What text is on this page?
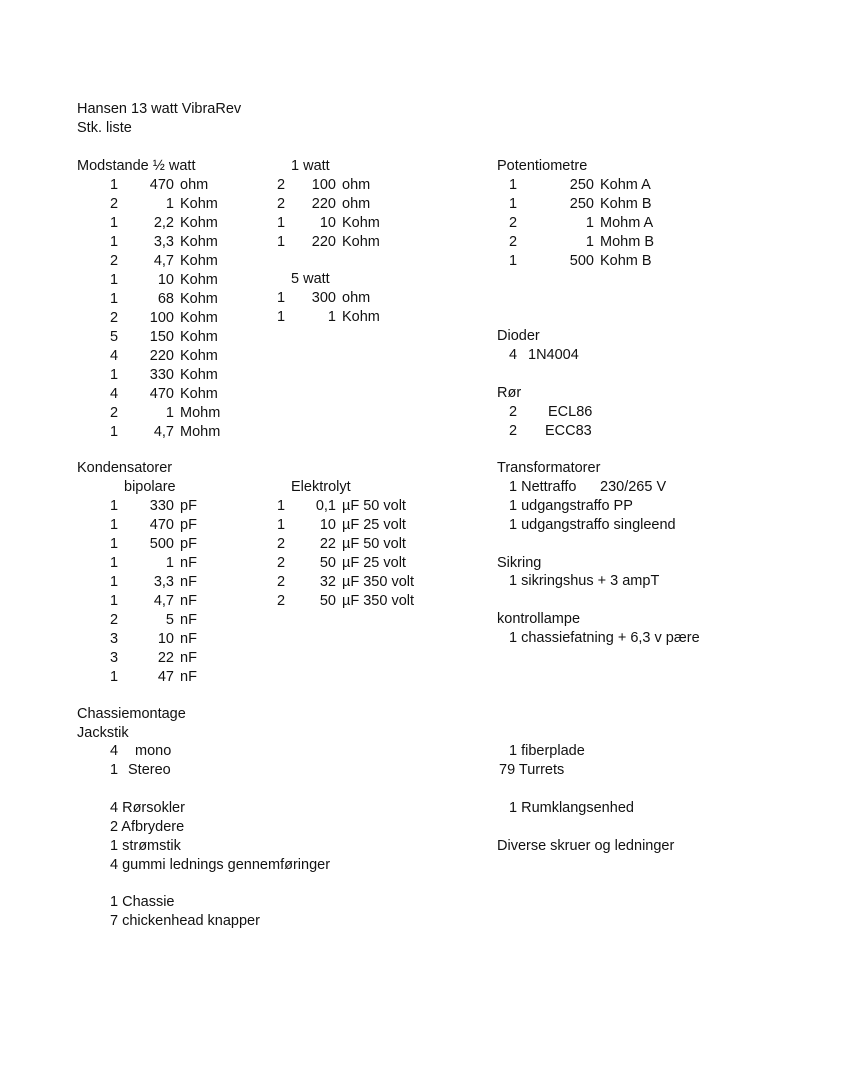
Hansen 13 watt VibraRev
Stk. liste
Modstande ½ watt
1	470 ohm
2	1 Kohm
1	2,2 Kohm
1	3,3 Kohm
2	4,7 Kohm
1	10 Kohm
1	68 Kohm
2	100 Kohm
5	150 Kohm
4	220 Kohm
1	330 Kohm
4	470 Kohm
2	1 Mohm
1	4,7 Mohm
1 watt
2	100 ohm
2	220 ohm
1	10 Kohm
1	220 Kohm
5 watt
1	300 ohm
1	1 Kohm
Potentiometre
1	250 Kohm A
1	250 Kohm B
2	1 Mohm A
2	1 Mohm B
1	500 Kohm B
Dioder
4 1N4004
Rør
2 ECL86
2 ECC83
Kondensatorer
bipolare
1	330 pF
1	470 pF
1	500 pF
1	1 nF
1	3,3 nF
1	4,7 nF
2	5 nF
3	10 nF
3	22 nF
1	47 nF
Elektrolyt
1	0,1 µF 50 volt
1	10 µF 25 volt
2	22 µF 50 volt
2	50 µF 25 volt
2	32 µF 350 volt
2	50 µF 350 volt
Transformatorer
1 Nettraffo 230/265 V
1 udgangstraffo PP
1 udgangstraffo singleend
Sikring
1 sikringshus + 3 ampT
kontrollampe
1 chassiefatning + 6,3 v pære
Chassiemontage
Jackstik
4 mono
1 Stereo
4 Rørsokler
2 Afbrydere
1 strømstik
4 gummi lednings gennemføringer
1 Chassie
7 chickenhead knapper
1 fiberplade
79 Turrets
1 Rumklangsenhed
Diverse skruer og ledninger
